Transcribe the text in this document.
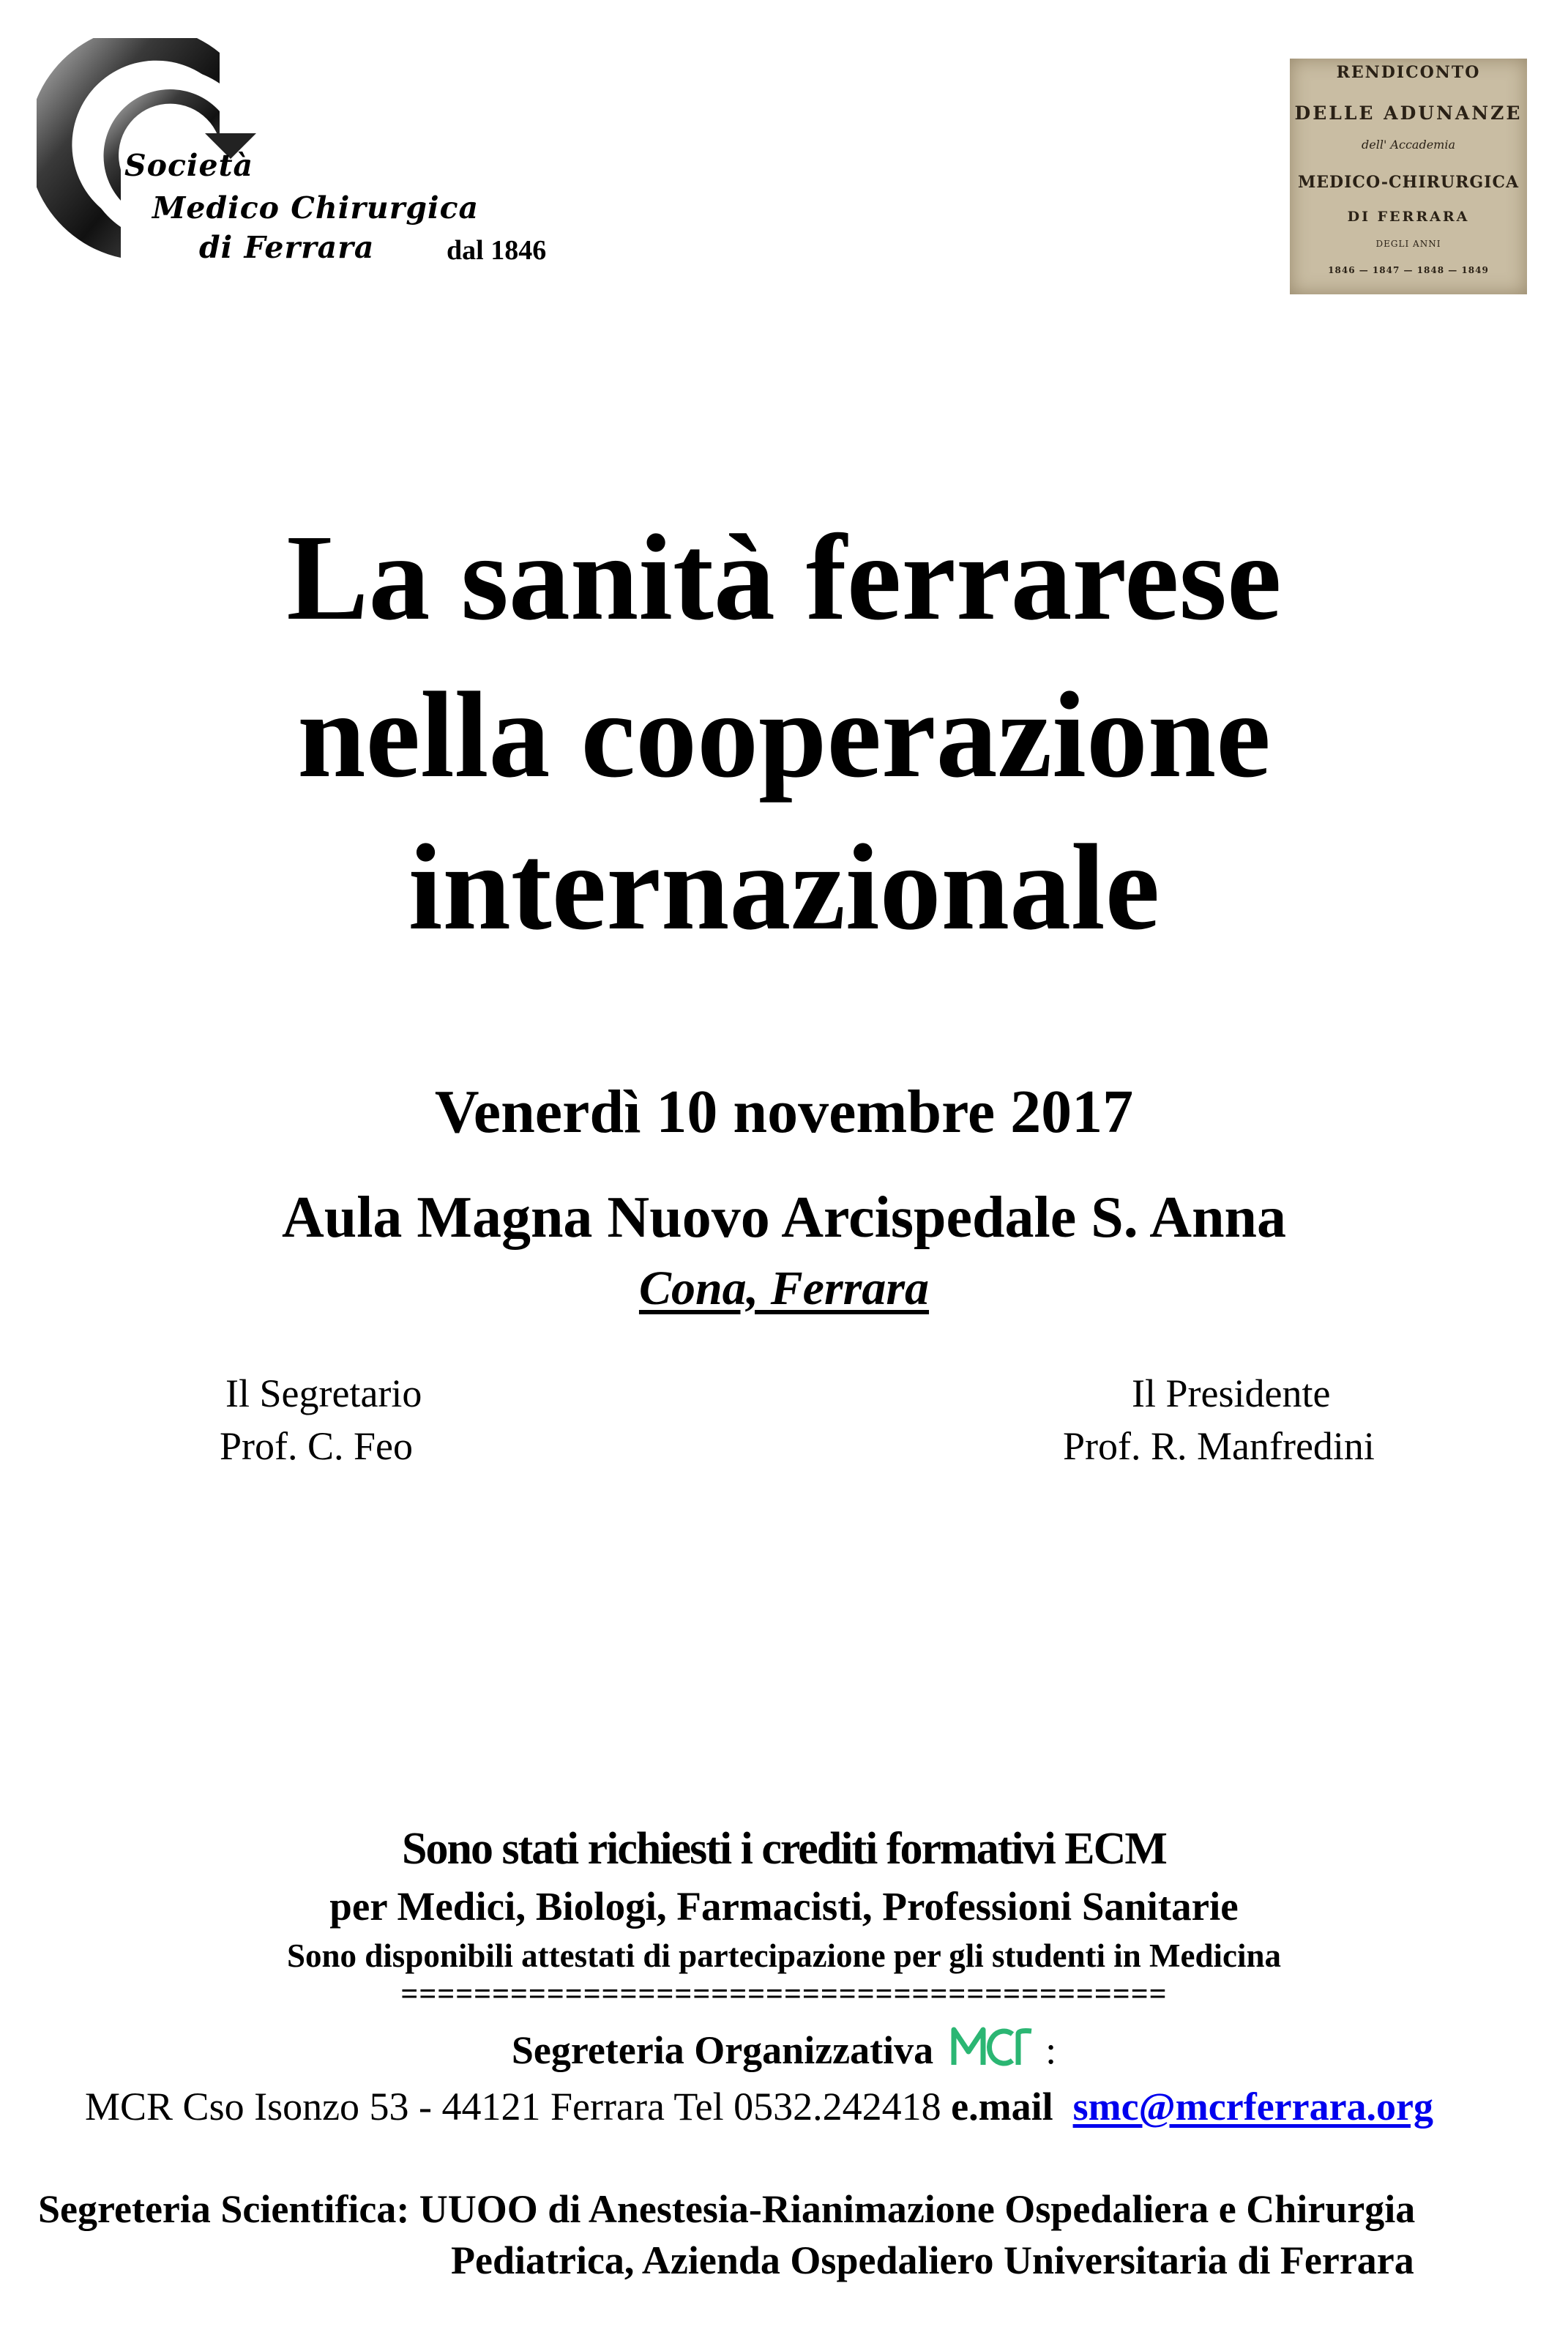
Società
Medico Chirurgica
di Ferrara	dal 1846
RENDICONTO
DELLE ADUNANZE
dell' Accademia
MEDICO-CHIRURGICA
DI FERRARA
DEGLI ANNI
1846 — 1847 — 1848 — 1849
La sanità ferrarese
nella cooperazione
internazionale
Venerdì 10 novembre 2017
Aula Magna Nuovo Arcispedale S. Anna
Cona, Ferrara
Il Segretario
Prof. C. Feo
Il Presidente
Prof. R. Manfredini
Sono stati richiesti i crediti formativi ECM
per Medici, Biologi, Farmacisti, Professioni Sanitarie
Sono disponibili attestati di partecipazione per gli studenti in Medicina
==========================================
Segreteria Organizzativa	:
MCR Cso Isonzo 53 - 44121 Ferrara Tel 0532.242418 e.mail smc@mcrferrara.org
Segreteria Scientifica: UUOO di Anestesia-Rianimazione Ospedaliera e Chirurgia
Pediatrica, Azienda Ospedaliero Universitaria di Ferrara
